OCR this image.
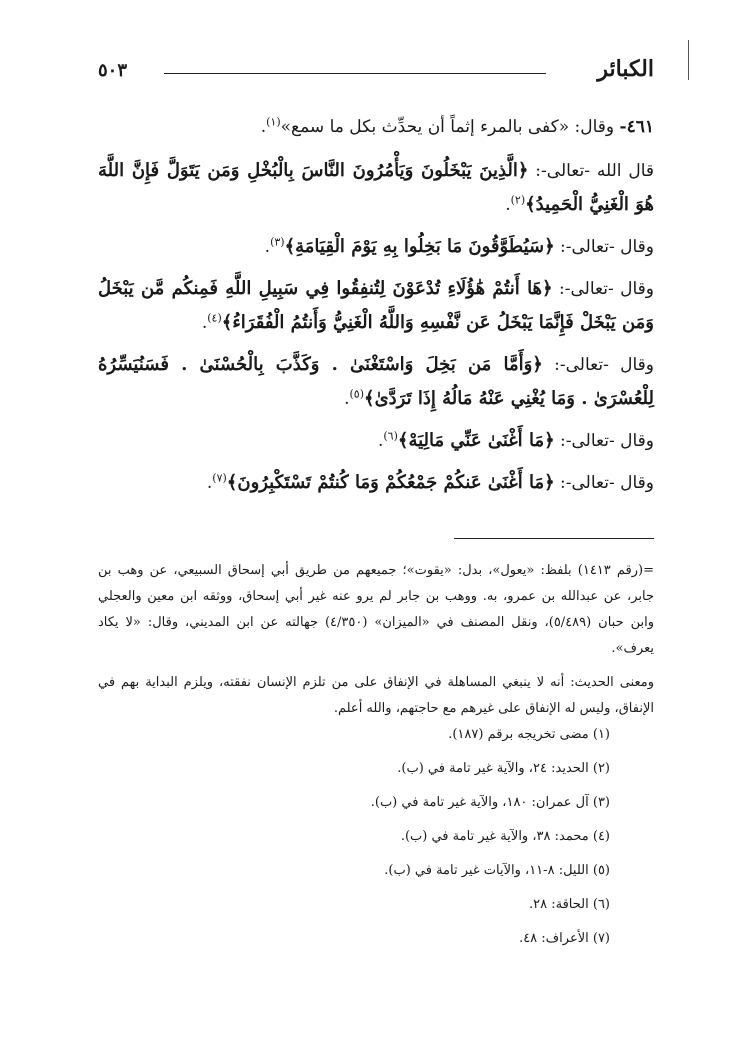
الكبائر
٥٠٣

٤٦١- وقال: «كفى بالمرء إثماً أن يحدِّث بكل ما سمع»$^{(١)}$.

قال الله -تعالى-: ﴿الَّذِينَ يَبْخَلُونَ وَيَأْمُرُونَ النَّاسَ بِالْبُخْلِ وَمَن يَتَوَلَّ فَإِنَّ اللَّهَ هُوَ الْغَنِيُّ الْحَمِيدُ﴾$^{(٢)}$.

وقال -تعالى-: ﴿سَيُطَوَّقُونَ مَا بَخِلُوا بِهِ يَوْمَ الْقِيَامَةِ﴾$^{(٣)}$.

وقال -تعالى-: ﴿هَا أَنتُمْ هَٰؤُلَاءِ تُدْعَوْنَ لِتُنفِقُوا فِي سَبِيلِ اللَّهِ فَمِنكُم مَّن يَبْخَلُ وَمَن يَبْخَلْ فَإِنَّمَا يَبْخَلُ عَن نَّفْسِهِ وَاللَّهُ الْغَنِيُّ وَأَنتُمُ الْفُقَرَاءُ﴾$^{(٤)}$.

وقال -تعالى-: ﴿وَأَمَّا مَن بَخِلَ وَاسْتَغْنَىٰ . وَكَذَّبَ بِالْحُسْنَىٰ . فَسَنُيَسِّرُهُ لِلْعُسْرَىٰ . وَمَا يُغْنِي عَنْهُ مَالُهُ إِذَا تَرَدَّىٰ﴾$^{(٥)}$.

وقال -تعالى-: ﴿مَا أَغْنَىٰ عَنِّي مَالِيَهْ﴾$^{(٦)}$.

وقال -تعالى-: ﴿مَا أَغْنَىٰ عَنكُمْ جَمْعُكُمْ وَمَا كُنتُمْ تَسْتَكْبِرُونَ﴾$^{(٧)}$.

=(رقم ١٤١٣) بلفظ: «يعول»، بدل: «يقوت»؛ جميعهم من طريق أبي إسحاق السبيعي، عن وهب بن جابر، عن عبدالله بن عمرو، به. ووهب بن جابر لم يرو عنه غير أبي إسحاق، ووثقه ابن معين والعجلي وابن حبان (٥/٤٨٩)، ونقل المصنف في «الميزان» (٤/٣٥٠) جهالته عن ابن المديني، وقال: «لا يكاد يعرف».

ومعنى الحديث: أنه لا ينبغي المساهلة في الإنفاق على من تلزم الإنسان نفقته، ويلزم البداية بهم في الإنفاق، وليس له الإنفاق على غيرهم مع حاجتهم، والله أعلم.

(١) مضى تخريجه برقم (١٨٧).
(٢) الحديد: ٢٤، والآية غير تامة في (ب).
(٣) آل عمران: ١٨٠، والآية غير تامة في (ب).
(٤) محمد: ٣٨، والآية غير تامة في (ب).
(٥) الليل: ٨-١١، والآيات غير تامة في (ب).
(٦) الحاقة: ٢٨.
(٧) الأعراف: ٤٨.
